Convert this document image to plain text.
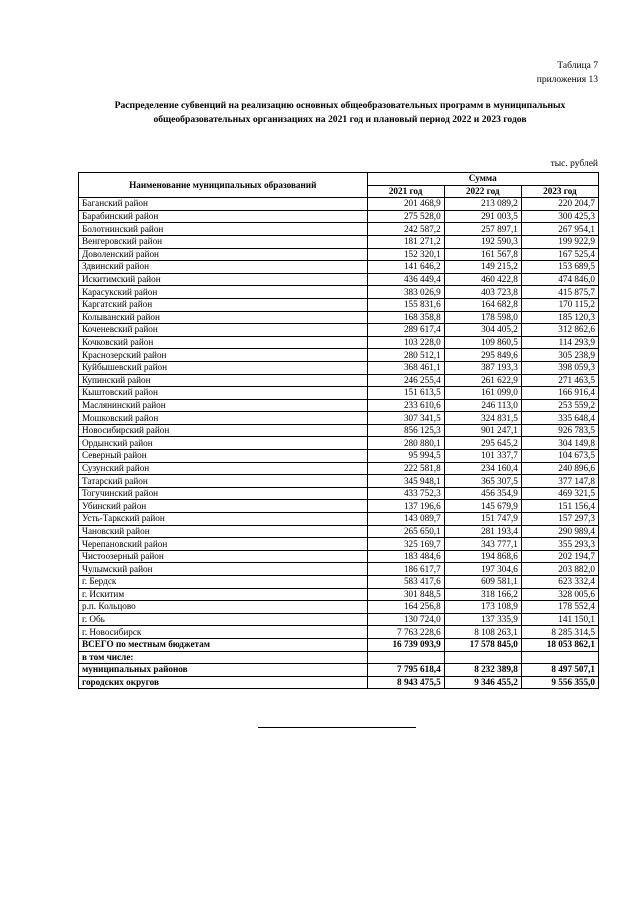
Таблица 7
приложения 13
Распределение субвенций на реализацию основных общеобразовательных программ в муниципальных общеобразовательных организациях на 2021 год и плановый период 2022 и 2023 годов
тыс. рублей
Наименование муниципальных образований	Сумма		
	2021 год	2022 год	2023 год
Баганский район	201 468,9	213 089,2	220 204,7
Барабинский район	275 528,0	291 003,5	300 425,3
Болотнинский район	242 587,2	257 897,1	267 954,1
Венгеровский район	181 271,2	192 590,3	199 922,9
Доволенский район	152 320,1	161 567,8	167 525,4
Здвинский район	141 646,2	149 215,2	153 689,5
Искитимский район	436 449,4	460 422,8	474 846,0
Карасукский район	383 026,9	403 723,8	415 875,7
Каргатский район	155 831,6	164 682,8	170 115,2
Колыванский район	168 358,8	178 598,0	185 120,3
Коченевский район	289 617,4	304 405,2	312 862,6
Кочковский район	103 228,0	109 860,5	114 293,9
Краснозерский район	280 512,1	295 849,6	305 238,9
Куйбышевский район	368 461,1	387 193,3	398 059,3
Купинский район	246 255,4	261 622,9	271 463,5
Кыштовский район	151 613,5	161 099,0	166 916,4
Маслянинский район	233 610,6	246 113,0	253 559,2
Мошковский район	307 341,5	324 831,5	335 648,4
Новосибирский район	856 125,3	901 247,1	926 783,5
Ордынский район	280 880,1	295 645,2	304 149,8
Северный район	95 994,5	101 337,7	104 673,5
Сузунский район	222 581,8	234 160,4	240 896,6
Татарский район	345 948,1	365 307,5	377 147,8
Тогучинский район	433 752,3	456 354,9	469 321,5
Убинский район	137 196,6	145 679,9	151 156,4
Усть-Таркский район	143 089,7	151 747,9	157 297,3
Чановский район	265 650,1	281 193,4	290 989,4
Черепановский район	325 169,7	343 777,1	355 293,3
Чистоозерный район	183 484,6	194 868,6	202 194,7
Чулымский район	186 617,7	197 304,6	203 882,0
г. Бердск	583 417,6	609 581,1	623 332,4
г. Искитим	301 848,5	318 166,2	328 005,6
р.п. Кольцово	164 256,8	173 108,9	178 552,4
г. Обь	130 724,0	137 335,9	141 150,1
г. Новосибирск	7 763 228,6	8 108 263,1	8 285 314,5
ВСЕГО по местным бюджетам	16 739 093,9	17 578 845,0	18 053 862,1
в том числе:			
муниципальных районов	7 795 618,4	8 232 389,8	8 497 507,1
городских округов	8 943 475,5	9 346 455,2	9 556 355,0
